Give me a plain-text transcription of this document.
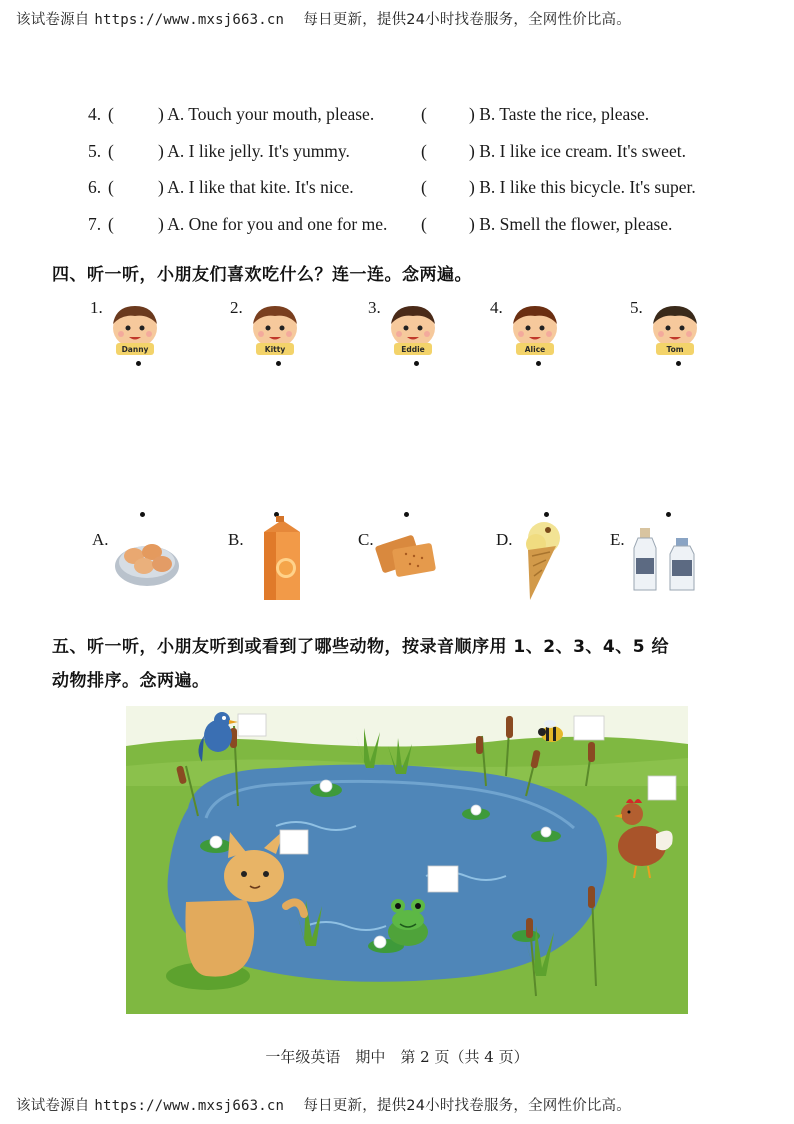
该试卷源自 https://www.mxsj663.cn 每日更新，提供24小时找卷服务，全网性价比高。
4. (	) A. Touch your mouth, please.	( ) B. Taste the rice, please.
5. (	) A. I like jelly. It's yummy.	( ) B. I like ice cream. It's sweet.
6. (	) A. I like that kite. It's nice.	( ) B. I like this bicycle. It's super.
7. (	) A. One for you and one for me. ( ) B. Smell the flower, please.
四、听一听，小朋友们喜欢吃什么？连一连。念两遍。
1.
Danny
2.
Kitty
3.
Eddie
4.
Alice
5.
Tom
A.	B.	C.	D.	E.
五、听一听，小朋友听到或看到了哪些动物，按录音顺序用 1、2、3、4、5 给
动物排序。念两遍。
一年级英语　期中　第 2 页（共 4 页）
该试卷源自 https://www.mxsj663.cn 每日更新，提供24小时找卷服务，全网性价比高。
